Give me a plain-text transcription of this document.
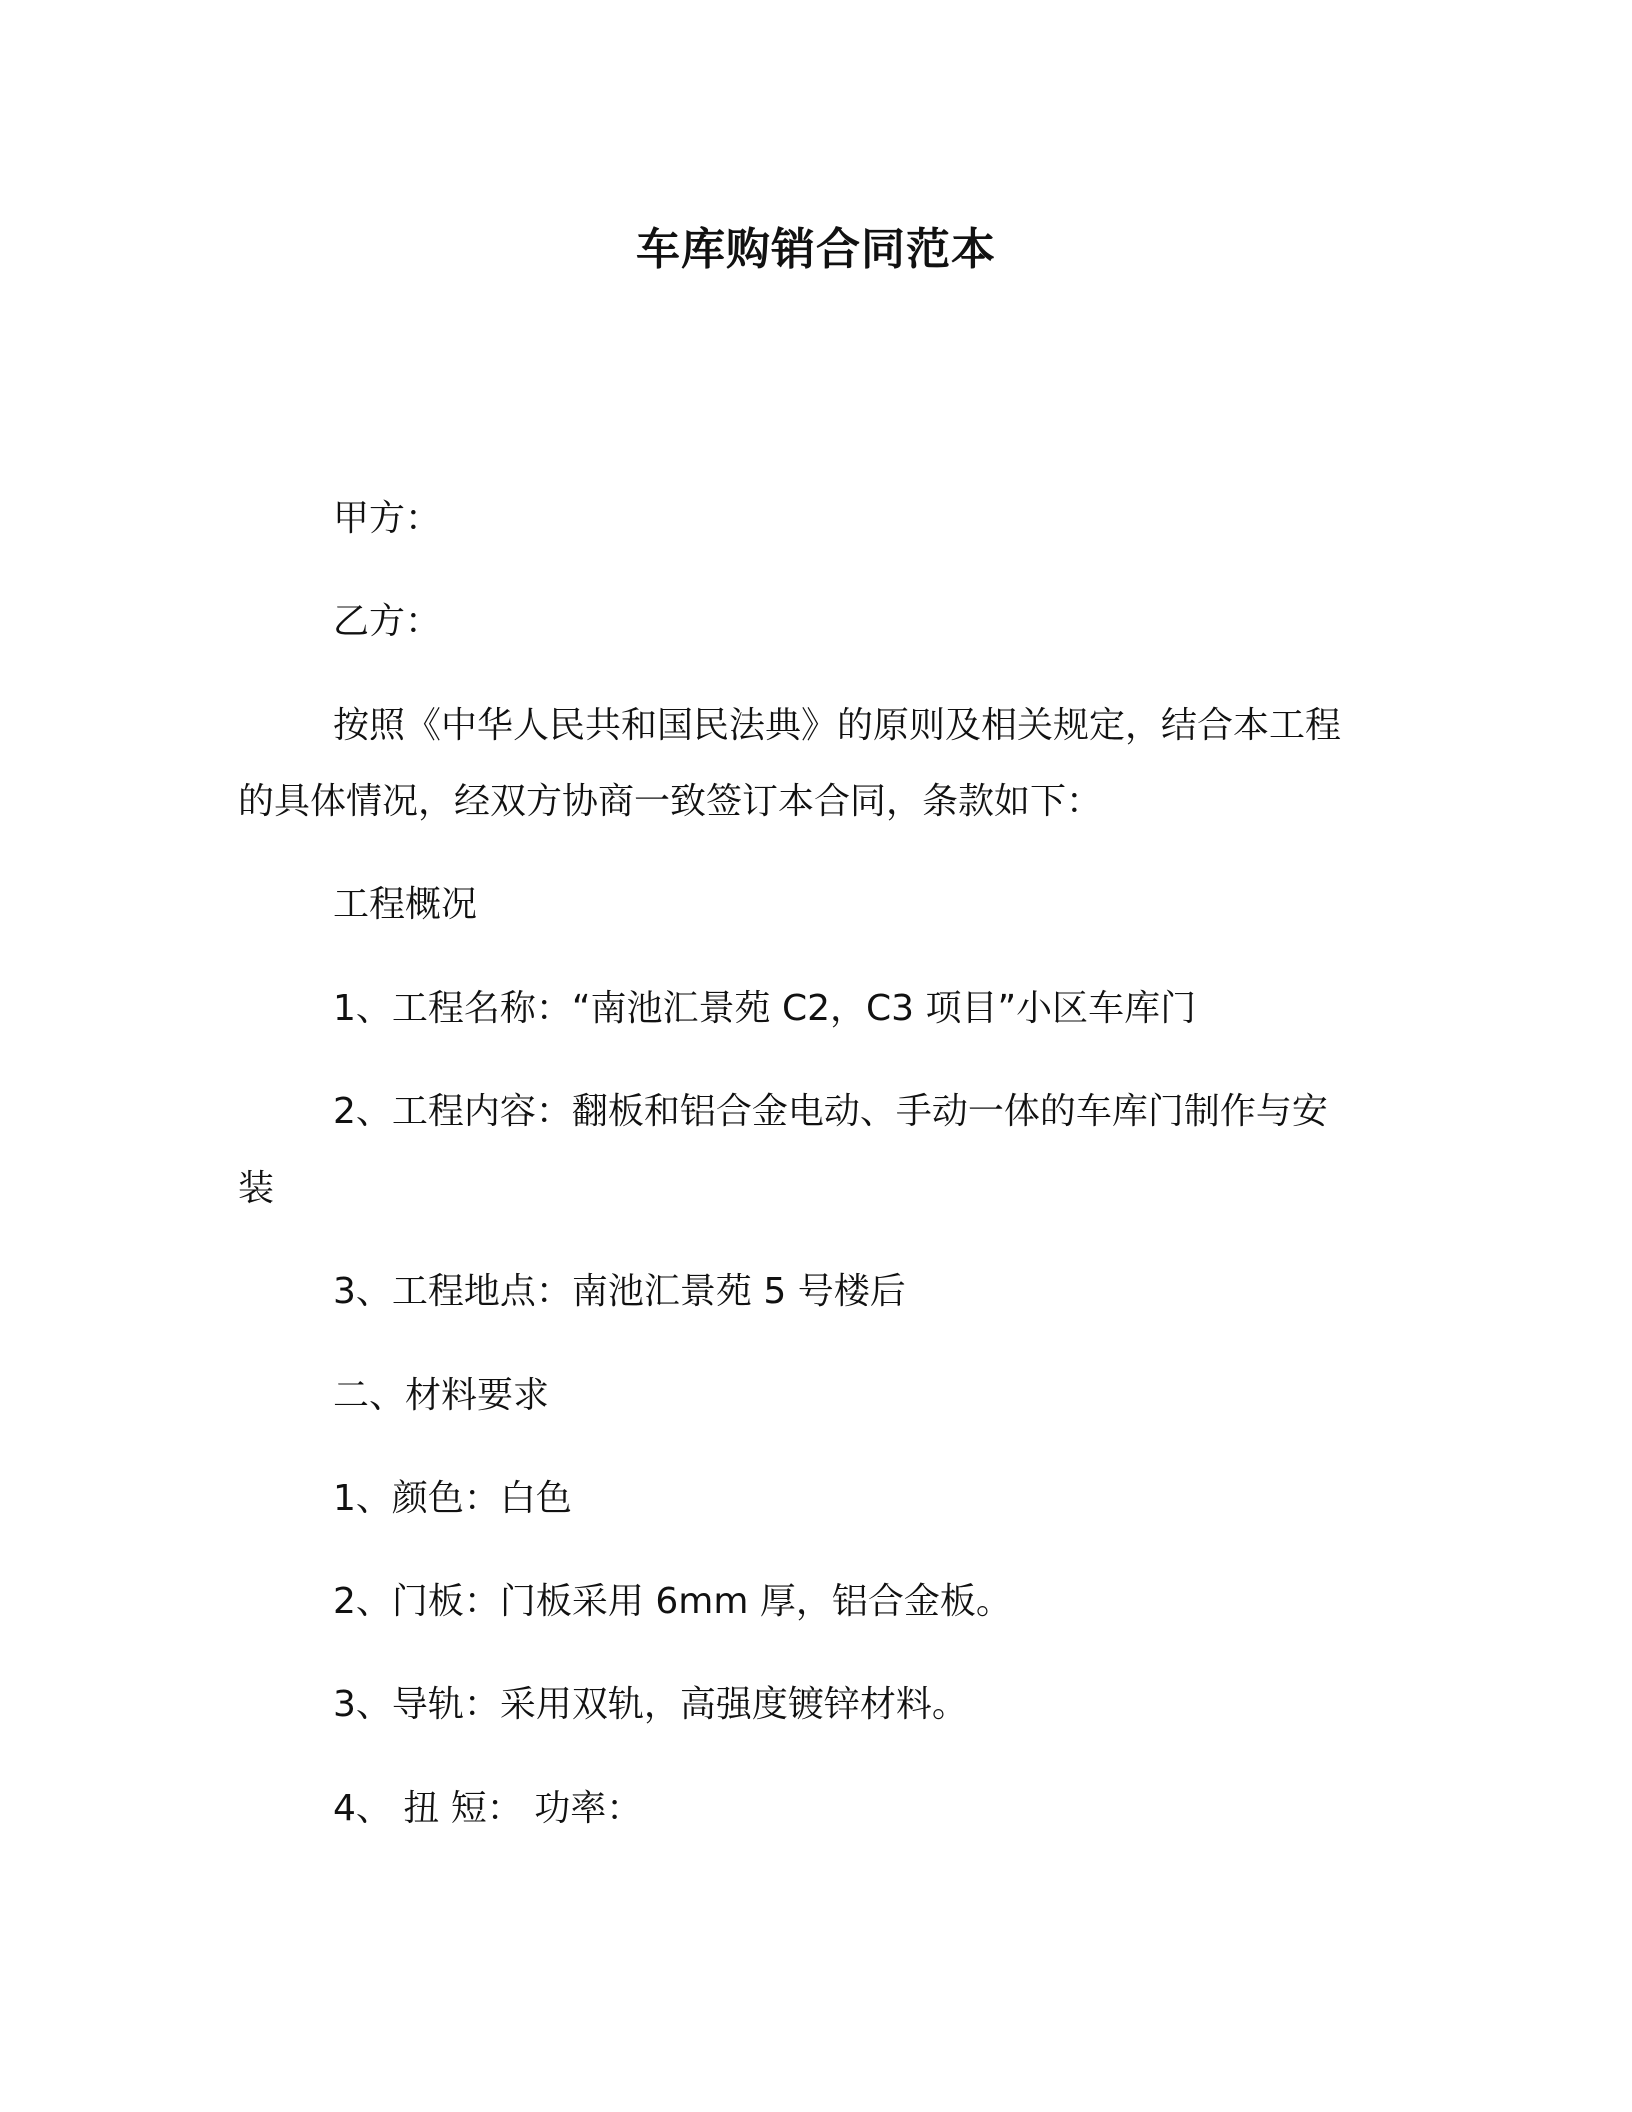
车库购销合同范本
甲方：
乙方：
按照《中华人民共和国民法典》的原则及相关规定，结合本工程
的具体情况，经双方协商一致签订本合同，条款如下：
工程概况
1、工程名称：“南池汇景苑 C2，C3 项目”小区车库门
2、工程内容：翻板和铝合金电动、手动一体的车库门制作与安
装
3、工程地点：南池汇景苑 5 号楼后
二、材料要求
1、颜色：白色
2、门板：门板采用 6mm 厚，铝合金板。
3、导轨：采用双轨，高强度镀锌材料。
4、 扭 短： 功率：
